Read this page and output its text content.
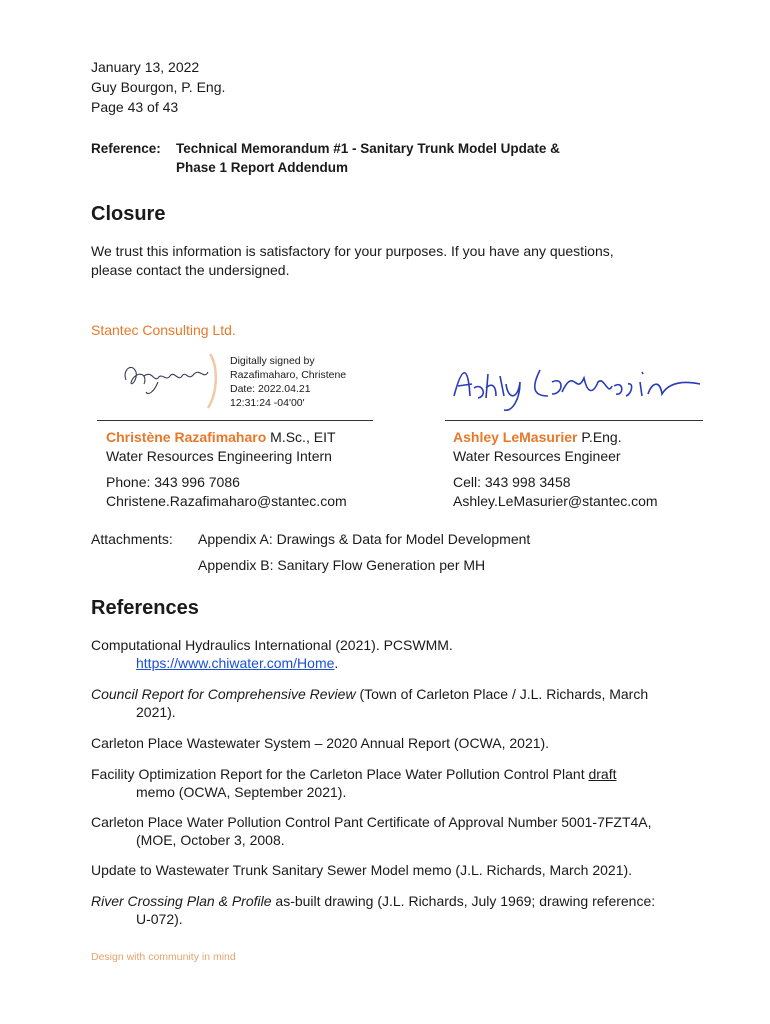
January 13, 2022
Guy Bourgon, P. Eng.
Page 43 of 43
Reference: Technical Memorandum #1 - Sanitary Trunk Model Update &
Phase 1 Report Addendum
Closure
We trust this information is satisfactory for your purposes. If you have any questions,
please contact the undersigned.
Stantec Consulting Ltd.
Digitally signed by
Razafimaharo, Christene
Date: 2022.04.21
12:31:24 -04'00'
Christène Razafimaharo M.Sc., EIT
Water Resources Engineering Intern
Phone: 343 996 7086
Christene.Razafimaharo@stantec.com
Ashley LeMasurier P.Eng.
Water Resources Engineer
Cell: 343 998 3458
Ashley.LeMasurier@stantec.com
Attachments: Appendix A: Drawings & Data for Model Development
Appendix B: Sanitary Flow Generation per MH
References
Computational Hydraulics International (2021). PCSWMM.
https://www.chiwater.com/Home.
Council Report for Comprehensive Review (Town of Carleton Place / J.L. Richards, March
2021).
Carleton Place Wastewater System – 2020 Annual Report (OCWA, 2021).
Facility Optimization Report for the Carleton Place Water Pollution Control Plant draft
memo (OCWA, September 2021).
Carleton Place Water Pollution Control Pant Certificate of Approval Number 5001-7FZT4A,
(MOE, October 3, 2008.
Update to Wastewater Trunk Sanitary Sewer Model memo (J.L. Richards, March 2021).
River Crossing Plan & Profile as-built drawing (J.L. Richards, July 1969; drawing reference:
U-072).
Design with community in mind
